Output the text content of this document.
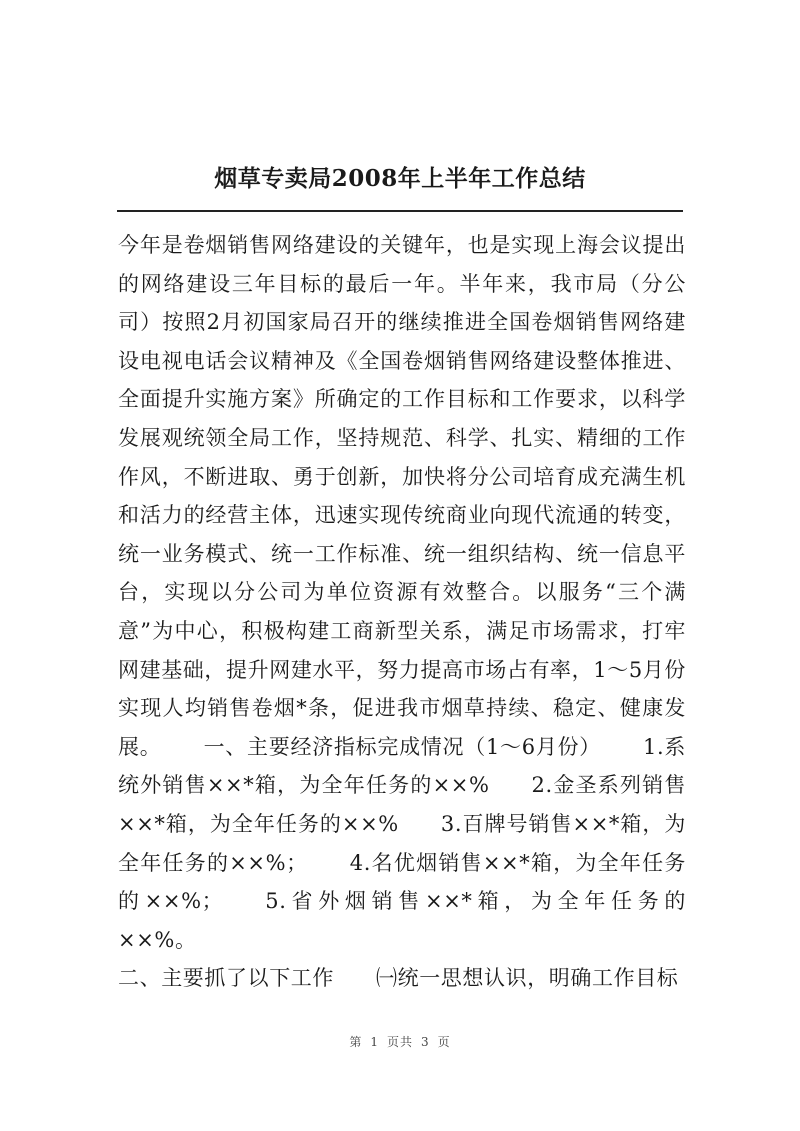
烟草专卖局2008年上半年工作总结
今年是卷烟销售网络建设的关键年，也是实现上海会议提出的网络建设三年目标的最后一年。半年来，我市局（分公司）按照2月初国家局召开的继续推进全国卷烟销售网络建设电视电话会议精神及《全国卷烟销售网络建设整体推进、全面提升实施方案》所确定的工作目标和工作要求，以科学发展观统领全局工作，坚持规范、科学、扎实、精细的工作作风，不断进取、勇于创新，加快将分公司培育成充满生机和活力的经营主体，迅速实现传统商业向现代流通的转变，统一业务模式、统一工作标准、统一组织结构、统一信息平台，实现以分公司为单位资源有效整合。以服务“三个满意”为中心，积极构建工商新型关系，满足市场需求，打牢网建基础，提升网建水平，努力提高市场占有率，1～5月份实现人均销售卷烟*条，促进我市烟草持续、稳定、健康发展。 一、主要经济指标完成情况（1～6月份） 1.系统外销售××*箱，为全年任务的××% 2.金圣系列销售××*箱，为全年任务的××% 3.百牌号销售××*箱，为全年任务的××%； 4.名优烟销售××*箱，为全年任务的××%； 5.省外烟销售××*箱，为全年任务的××%。
二、主要抓了以下工作 ㈠统一思想认识，明确工作目标
第 1 页共 3 页
